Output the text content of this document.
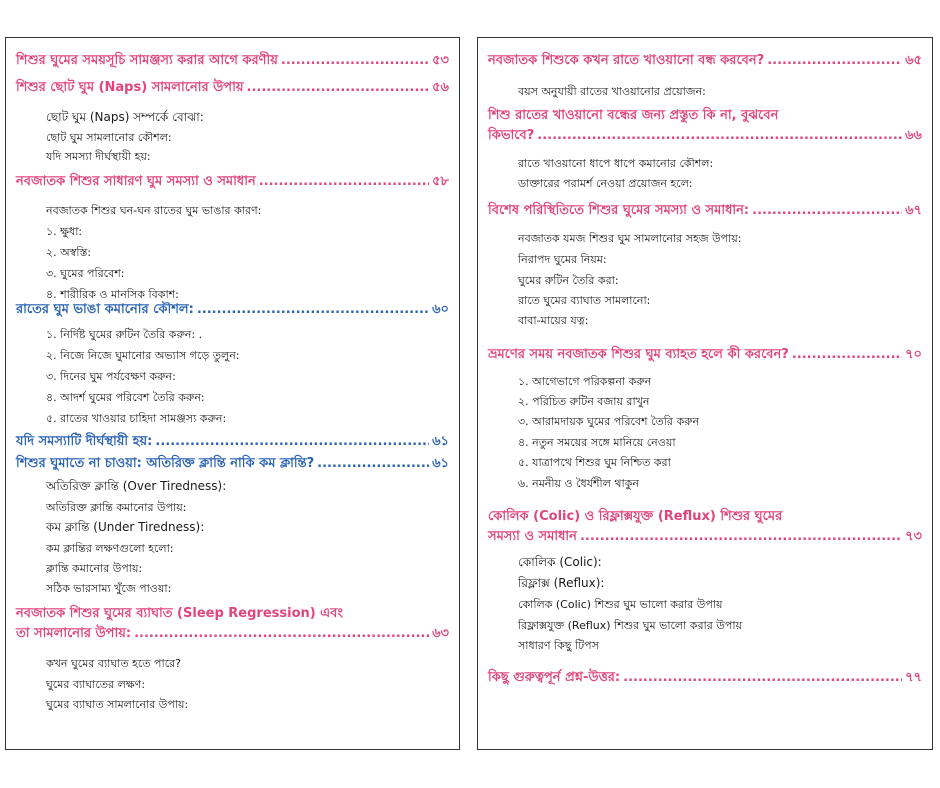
শিশুর ঘুমের সময়সূচি সামঞ্জস্য করার আগে করণীয় .....	৫৩
শিশুর ছোট ঘুম (Naps) সামলানোর উপায় .....	৫৬
ছোট ঘুম (Naps) সম্পর্কে বোঝা:
ছোট ঘুম সামলানোর কৌশল:
যদি সমস্যা দীর্ঘস্থায়ী হয়:
নবজাতক শিশুর সাধারণ ঘুম সমস্যা ও সমাধান .....	৫৮
নবজাতক শিশুর ঘন-ঘন রাতের ঘুম ভাঙার কারণ:
১. ক্ষুধা:
২. অস্বস্তি:
৩. ঘুমের পরিবেশ:
৪. শারীরিক ও মানসিক বিকাশ:
রাতের ঘুম ভাঙা কমানোর কৌশল: .....	৬০
১. নির্দিষ্ট ঘুমের রুটিন তৈরি করুন: .
২. নিজে নিজে ঘুমানোর অভ্যাস গড়ে তুলুন:
৩. দিনের ঘুম পর্যবেক্ষণ করুন:
৪. আদর্শ ঘুমের পরিবেশ তৈরি করুন:
৫. রাতের খাওয়ার চাহিদা সামঞ্জস্য করুন:
যদি সমস্যাটি দীর্ঘস্থায়ী হয়: .....	৬১
শিশুর ঘুমাতে না চাওয়া: অতিরিক্ত ক্লান্তি নাকি কম ক্লান্তি? .....	৬১
অতিরিক্ত ক্লান্তি (Over Tiredness):
অতিরিক্ত ক্লান্তি কমানোর উপায়:
কম ক্লান্তি (Under Tiredness):
কম ক্লান্তির লক্ষণগুলো হলো:
ক্লান্তি কমানোর উপায়:
সঠিক ভারসাম্য খুঁজে পাওয়া:
নবজাতক শিশুর ঘুমের ব্যাঘাত (Sleep Regression) এবং
তা সামলানোর উপায়: .....	৬৩
কখন ঘুমের ব্যাঘাত হতে পারে?
ঘুমের ব্যাঘাতের লক্ষণ:
ঘুমের ব্যাঘাত সামলানোর উপায়:
নবজাতক শিশুকে কখন রাতে খাওয়ানো বন্ধ করবেন? .....	৬৫
বয়স অনুযায়ী রাতের খাওয়ানোর প্রয়োজন:
শিশু রাতের খাওয়ানো বন্ধের জন্য প্রস্তুত কি না, বুঝবেন
কিভাবে? .....	৬৬
রাতে খাওয়ানো ধাপে ধাপে কমানোর কৌশল:
ডাক্তারের পরামর্শ নেওয়া প্রয়োজন হলে:
বিশেষ পরিস্থিতিতে শিশুর ঘুমের সমস্যা ও সমাধান: .....	৬৭
নবজাতক যমজ শিশুর ঘুম সামলানোর সহজ উপায়:
নিরাপদ ঘুমের নিয়ম:
ঘুমের রুটিন তৈরি করা:
রাতে ঘুমের ব্যাঘাত সামলানো:
বাবা-মায়ের যত্ন:
ভ্রমণের সময় নবজাতক শিশুর ঘুম ব্যাহত হলে কী করবেন? .....	৭০
১. আগেভাগে পরিকল্পনা করুন
২. পরিচিত রুটিন বজায় রাখুন
৩. আরামদায়ক ঘুমের পরিবেশ তৈরি করুন
৪. নতুন সময়ের সঙ্গে মানিয়ে নেওয়া
৫. যাত্রাপথে শিশুর ঘুম নিশ্চিত করা
৬. নমনীয় ও ধৈর্যশীল থাকুন
কোলিক (Colic) ও রিফ্লাক্সযুক্ত (Reflux) শিশুর ঘুমের
সমস্যা ও সমাধান .....	৭৩
কোলিক (Colic):
রিফ্লাক্স (Reflux):
কোলিক (Colic) শিশুর ঘুম ভালো করার উপায়
রিফ্লাক্সযুক্ত (Reflux) শিশুর ঘুম ভালো করার উপায়
সাধারণ কিছু টিপস
কিছু গুরুত্বপূর্ন প্রশ্ন-উত্তর: .....	৭৭
